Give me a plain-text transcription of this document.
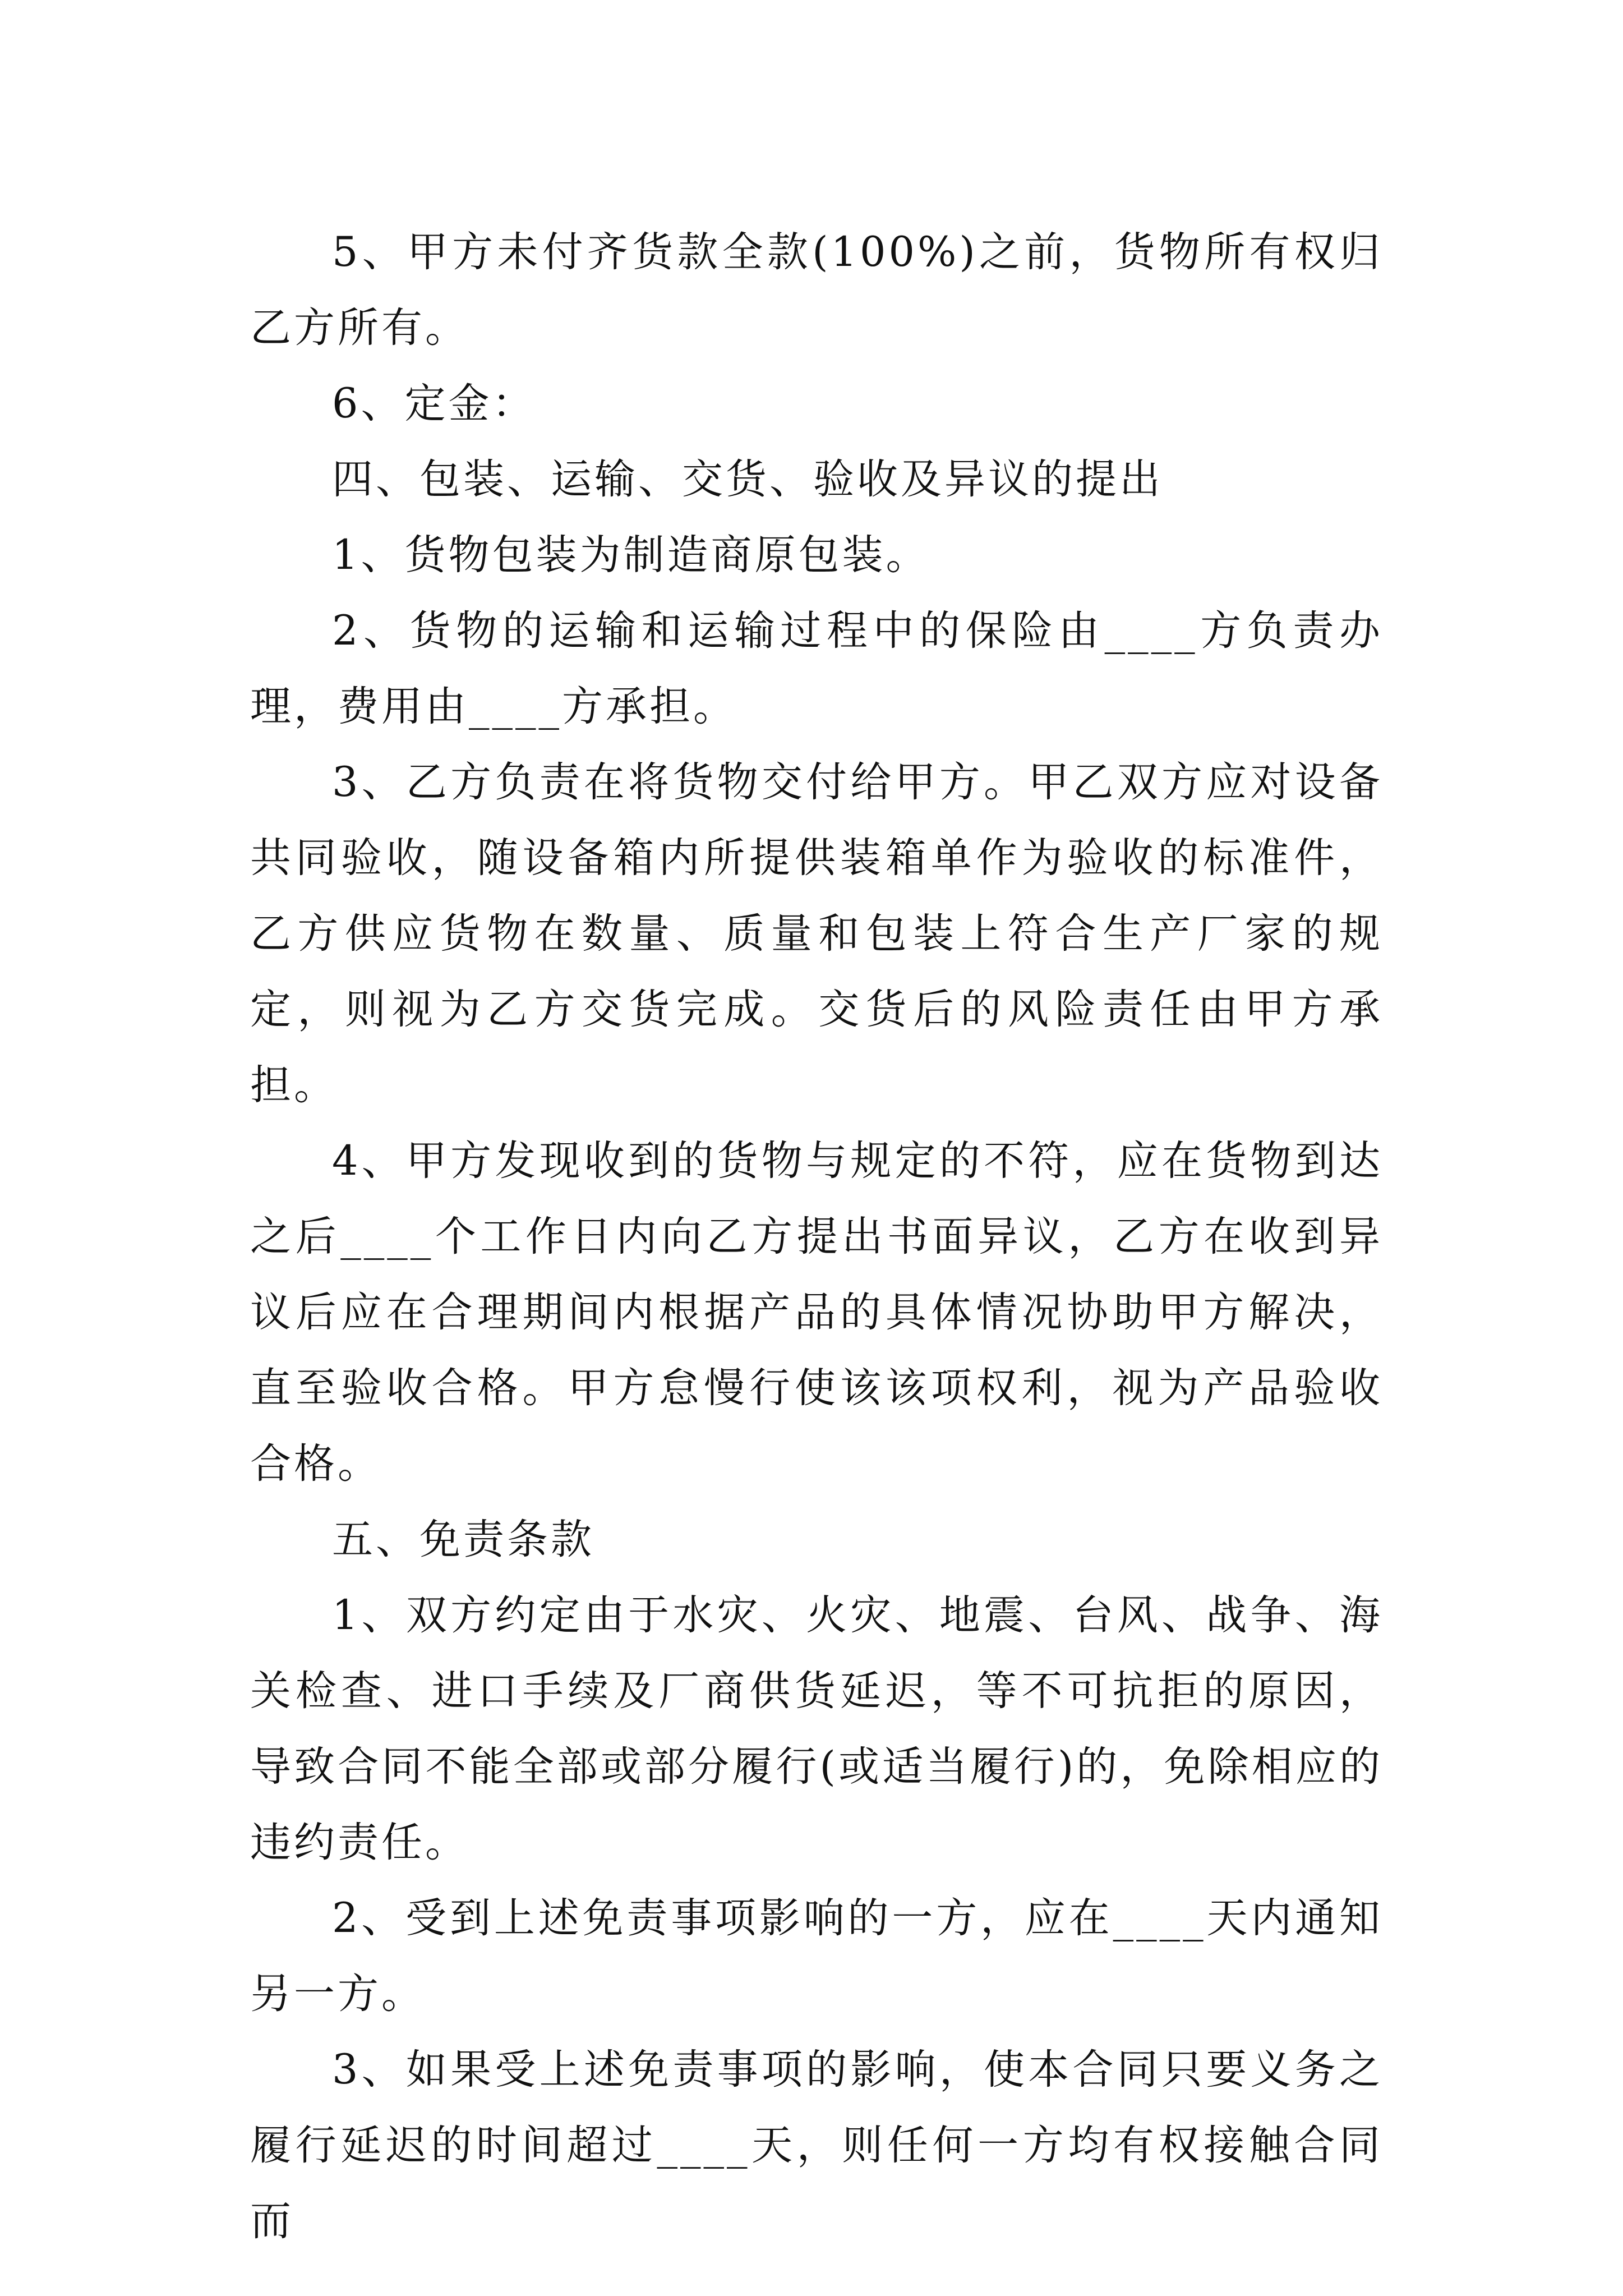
5、甲方未付齐货款全款(100%)之前，货物所有权归乙方所有。

6、定金：

四、包装、运输、交货、验收及异议的提出

1、货物包装为制造商原包装。

2、货物的运输和运输过程中的保险由____方负责办理，费用由____方承担。

3、乙方负责在将货物交付给甲方。甲乙双方应对设备共同验收，随设备箱内所提供装箱单作为验收的标准件，乙方供应货物在数量、质量和包装上符合生产厂家的规定，则视为乙方交货完成。交货后的风险责任由甲方承担。

4、甲方发现收到的货物与规定的不符，应在货物到达之后____个工作日内向乙方提出书面异议，乙方在收到异议后应在合理期间内根据产品的具体情况协助甲方解决，直至验收合格。甲方怠慢行使该该项权利，视为产品验收合格。

五、免责条款

1、双方约定由于水灾、火灾、地震、台风、战争、海关检查、进口手续及厂商供货延迟，等不可抗拒的原因，导致合同不能全部或部分履行(或适当履行)的，免除相应的违约责任。

2、受到上述免责事项影响的一方，应在____天内通知另一方。

3、如果受上述免责事项的影响，使本合同只要义务之履行延迟的时间超过____天，则任何一方均有权接触合同而
